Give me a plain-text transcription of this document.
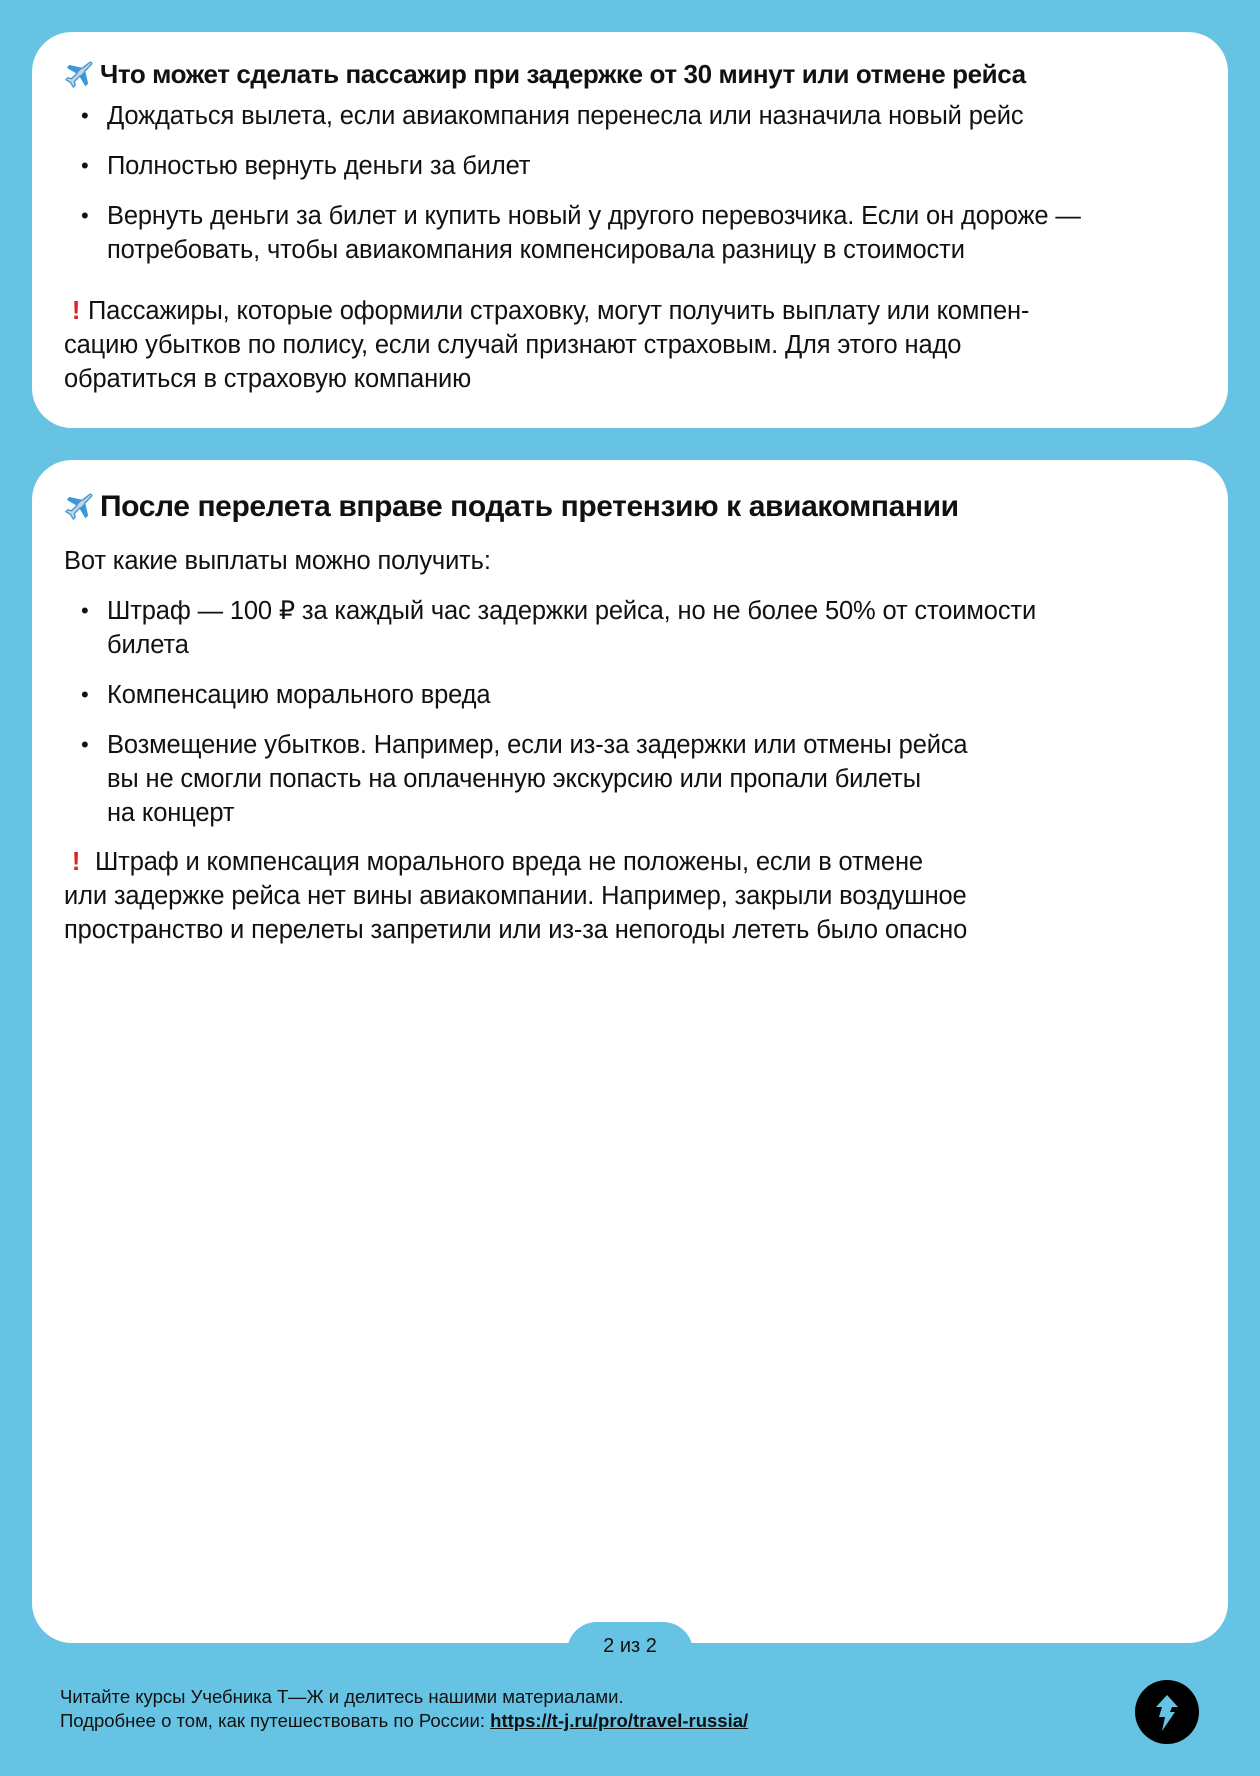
Что может сделать пассажир при задержке от 30 минут или отмене рейса
• Дождаться вылета, если авиакомпания перенесла или назначила новый рейс
• Полностью вернуть деньги за билет
• Вернуть деньги за билет и купить новый у другого перевозчика. Если он дороже —
потребовать, чтобы авиакомпания компенсировала разницу в стоимости
! Пассажиры, которые оформили страховку, могут получить выплату или компен-
сацию убытков по полису, если случай признают страховым. Для этого надо
обратиться в страховую компанию
После перелета вправе подать претензию к авиакомпании
Вот какие выплаты можно получить:
• Штраф — 100 ₽ за каждый час задержки рейса, но не более 50% от стоимости
билета
• Компенсацию морального вреда
• Возмещение убытков. Например, если из-за задержки или отмены рейса
вы не смогли попасть на оплаченную экскурсию или пропали билеты
на концерт
! Штраф и компенсация морального вреда не положены, если в отмене
или задержке рейса нет вины авиакомпании. Например, закрыли воздушное
пространство и перелеты запретили или из-за непогоды лететь было опасно
2 из 2
Читайте курсы Учебника Т—Ж и делитесь нашими материалами.
Подробнее о том, как путешествовать по России: https://t-j.ru/pro/travel-russia/
